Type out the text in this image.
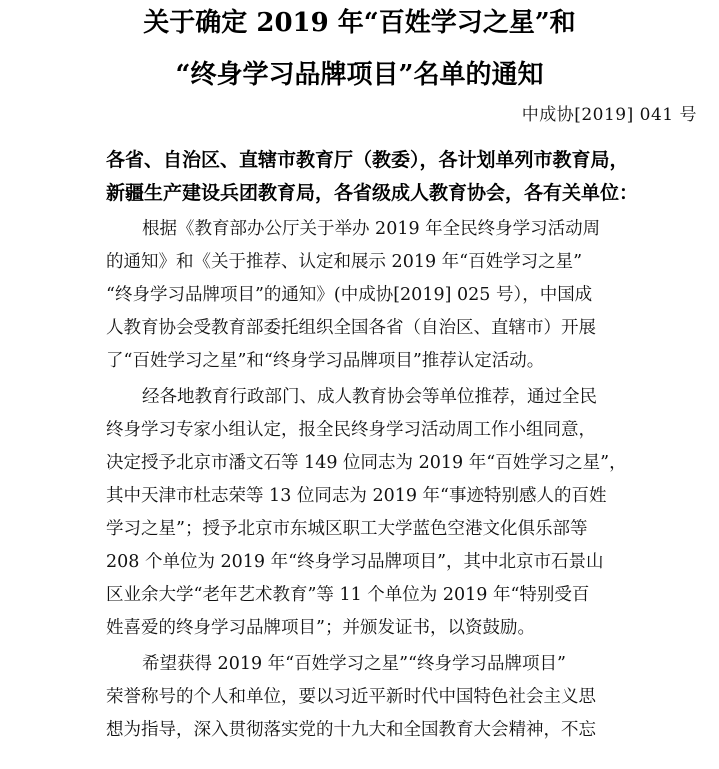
关于确定 2019 年“百姓学习之星”和
“终身学习品牌项目”名单的通知
中成协[2019] 041 号
各省、自治区、直辖市教育厅（教委），各计划单列市教育局，
新疆生产建设兵团教育局，各省级成人教育协会，各有关单位：
根据《教育部办公厅关于举办 2019 年全民终身学习活动周
的通知》和《关于推荐、认定和展示 2019 年“百姓学习之星”
“终身学习品牌项目”的通知》(中成协[2019] 025 号），中国成
人教育协会受教育部委托组织全国各省（自治区、直辖市）开展
了“百姓学习之星”和“终身学习品牌项目”推荐认定活动。
经各地教育行政部门、成人教育协会等单位推荐，通过全民
终身学习专家小组认定，报全民终身学习活动周工作小组同意，
决定授予北京市潘文石等 149 位同志为 2019 年“百姓学习之星”，
其中天津市杜志荣等 13 位同志为 2019 年“事迹特别感人的百姓
学习之星”；授予北京市东城区职工大学蓝色空港文化俱乐部等
208 个单位为 2019 年“终身学习品牌项目”，其中北京市石景山
区业余大学“老年艺术教育”等 11 个单位为 2019 年“特别受百
姓喜爱的终身学习品牌项目”；并颁发证书，以资鼓励。
希望获得 2019 年“百姓学习之星”“终身学习品牌项目”
荣誉称号的个人和单位，要以习近平新时代中国特色社会主义思
想为指导，深入贯彻落实党的十九大和全国教育大会精神，不忘
